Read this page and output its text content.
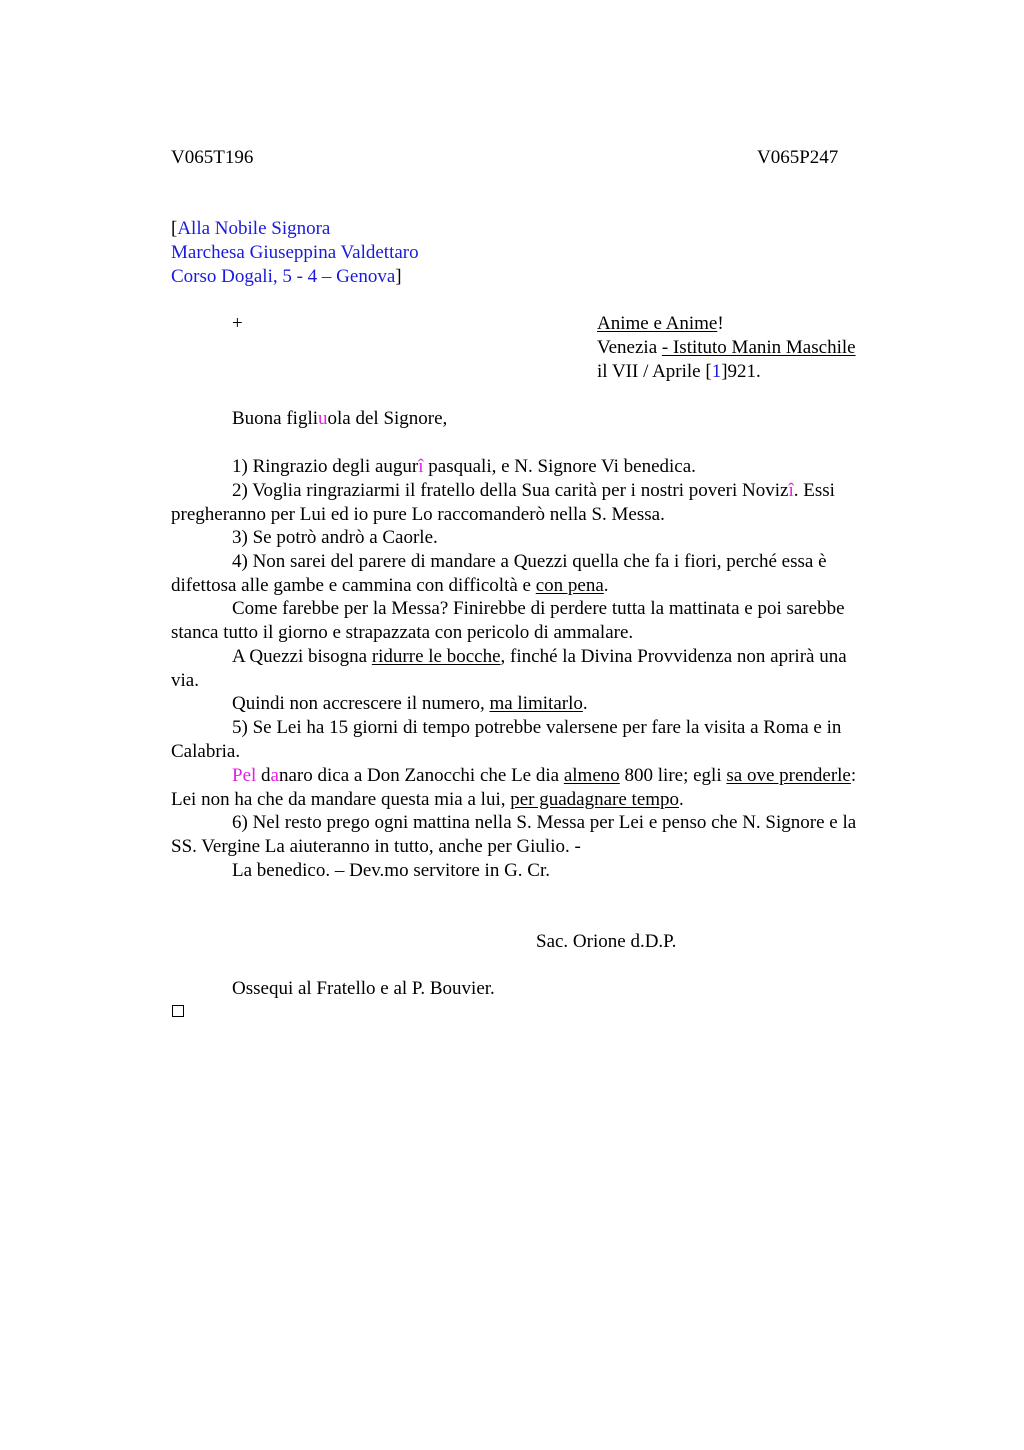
V065T196	V065P247
[Alla Nobile Signora
Marchesa Giuseppina Valdettaro
Corso Dogali, 5 - 4 – Genova]
+	Anime e Anime!
Venezia - Istituto Manin Maschile
il VII / Aprile [1]921.
Buona figliuola del Signore,
1) Ringrazio degli augurî pasquali, e N. Signore Vi benedica.
2) Voglia ringraziarmi il fratello della Sua carità per i nostri poveri Novizî. Essi
pregheranno per Lui ed io pure Lo raccomanderò nella S. Messa.
3) Se potrò andrò a Caorle.
4) Non sarei del parere di mandare a Quezzi quella che fa i fiori, perché essa è
difettosa alle gambe e cammina con difficoltà e con pena.
Come farebbe per la Messa? Finirebbe di perdere tutta la mattinata e poi sarebbe
stanca tutto il giorno e strapazzata con pericolo di ammalare.
A Quezzi bisogna ridurre le bocche, finché la Divina Provvidenza non aprirà una
via.
Quindi non accrescere il numero, ma limitarlo.
5) Se Lei ha 15 giorni di tempo potrebbe valersene per fare la visita a Roma e in
Calabria.
Pel danaro dica a Don Zanocchi che Le dia almeno 800 lire; egli sa ove prenderle:
Lei non ha che da mandare questa mia a lui, per guadagnare tempo.
6) Nel resto prego ogni mattina nella S. Messa per Lei e penso che N. Signore e la
SS. Vergine La aiuteranno in tutto, anche per Giulio. -
La benedico. – Dev.mo servitore in G. Cr.
Sac. Orione d.D.P.
Ossequi al Fratello e al P. Bouvier.
